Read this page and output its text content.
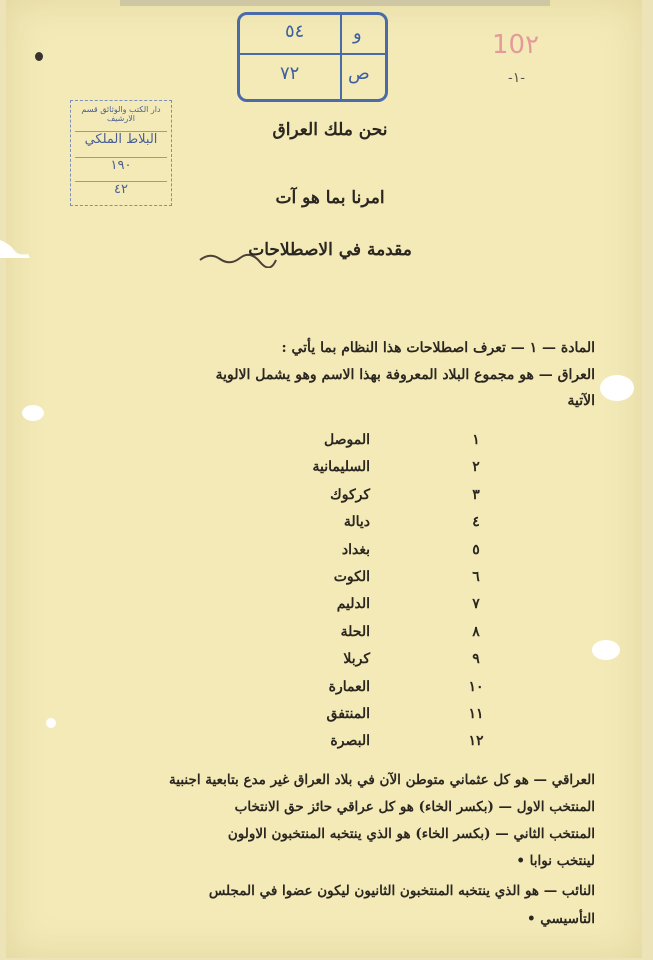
و
٥٤
ص
٧٢
10٢
-١-
دار الكتب والوثائق قسم الارشيف
البلاط الملكي
١٩٠
٤٢
نحن ملك العراق
امرنا بما هو آت
مقدمة في الاصطلاحات
المادة — ١ — تعرف اصطلاحات هذا النظام بما يأتي :
العراق — هو مجموع البلاد المعروفة بهذا الاسم وهو يشمل الالوية
الآتية
١
الموصل
٢
السليمانية
٣
كركوك
٤
ديالة
٥
بغداد
٦
الكوت
٧
الدليم
٨
الحلة
٩
كربلا
١٠
العمارة
١١
المنتفق
١٢
البصرة
العراقي — هو كل عثماني متوطن الآن في بلاد العراق غير مدع بتابعية اجنبية
المنتخب الاول — (بكسر الخاء) هو كل عراقي حائز حق الانتخاب
المنتخب الثاني — (بكسر الخاء) هو الذي ينتخبه المنتخبون الاولون
لينتخب نوابا •
النائب — هو الذي ينتخبه المنتخبون الثانيون ليكون عضوا في المجلس
التأسيسي •
